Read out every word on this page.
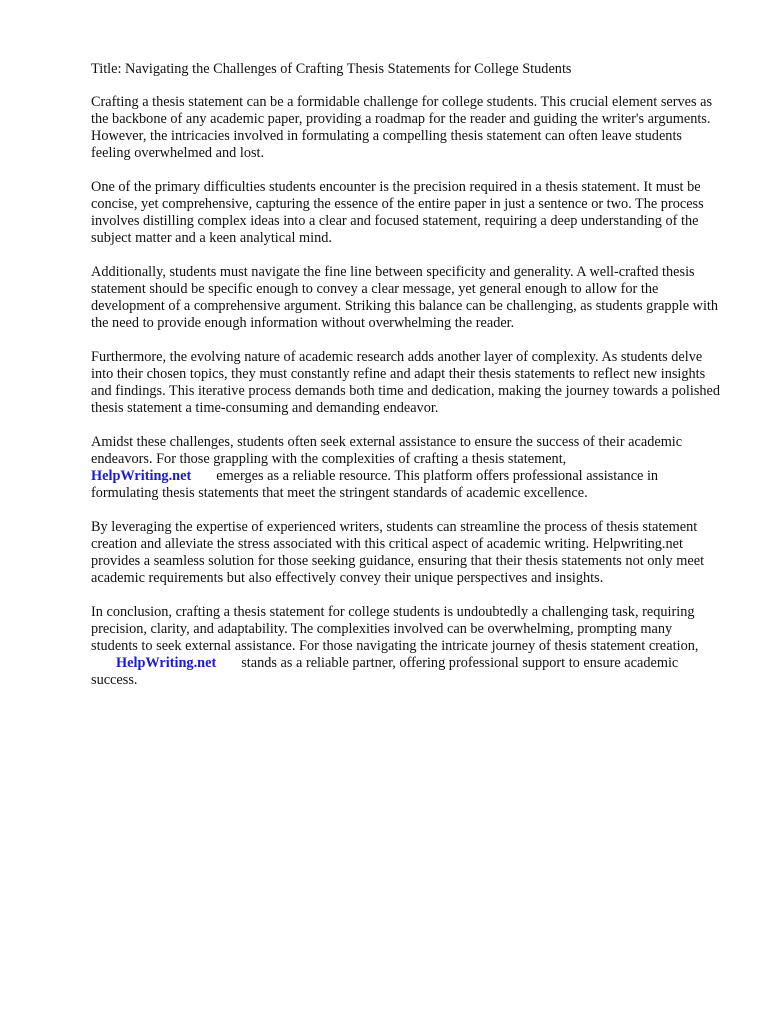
Title: Navigating the Challenges of Crafting Thesis Statements for College Students

Crafting a thesis statement can be a formidable challenge for college students. This crucial element serves as the backbone of any academic paper, providing a roadmap for the reader and guiding the writer's arguments. However, the intricacies involved in formulating a compelling thesis statement can often leave students feeling overwhelmed and lost.

One of the primary difficulties students encounter is the precision required in a thesis statement. It must be concise, yet comprehensive, capturing the essence of the entire paper in just a sentence or two. The process involves distilling complex ideas into a clear and focused statement, requiring a deep understanding of the subject matter and a keen analytical mind.

Additionally, students must navigate the fine line between specificity and generality. A well-crafted thesis statement should be specific enough to convey a clear message, yet general enough to allow for the development of a comprehensive argument. Striking this balance can be challenging, as students grapple with the need to provide enough information without overwhelming the reader.

Furthermore, the evolving nature of academic research adds another layer of complexity. As students delve into their chosen topics, they must constantly refine and adapt their thesis statements to reflect new insights and findings. This iterative process demands both time and dedication, making the journey towards a polished thesis statement a time-consuming and demanding endeavor.

Amidst these challenges, students often seek external assistance to ensure the success of their academic endeavors. For those grappling with the complexities of crafting a thesis statement,
HelpWriting.net emerges as a reliable resource. This platform offers professional assistance in formulating thesis statements that meet the stringent standards of academic excellence.

By leveraging the expertise of experienced writers, students can streamline the process of thesis statement creation and alleviate the stress associated with this critical aspect of academic writing. Helpwriting.net provides a seamless solution for those seeking guidance, ensuring that their thesis statements not only meet academic requirements but also effectively convey their unique perspectives and insights.

In conclusion, crafting a thesis statement for college students is undoubtedly a challenging task, requiring precision, clarity, and adaptability. The complexities involved can be overwhelming, prompting many students to seek external assistance. For those navigating the intricate journey of thesis statement creation,HelpWriting.net stands as a reliable partner, offering professional support to ensure academic success.
